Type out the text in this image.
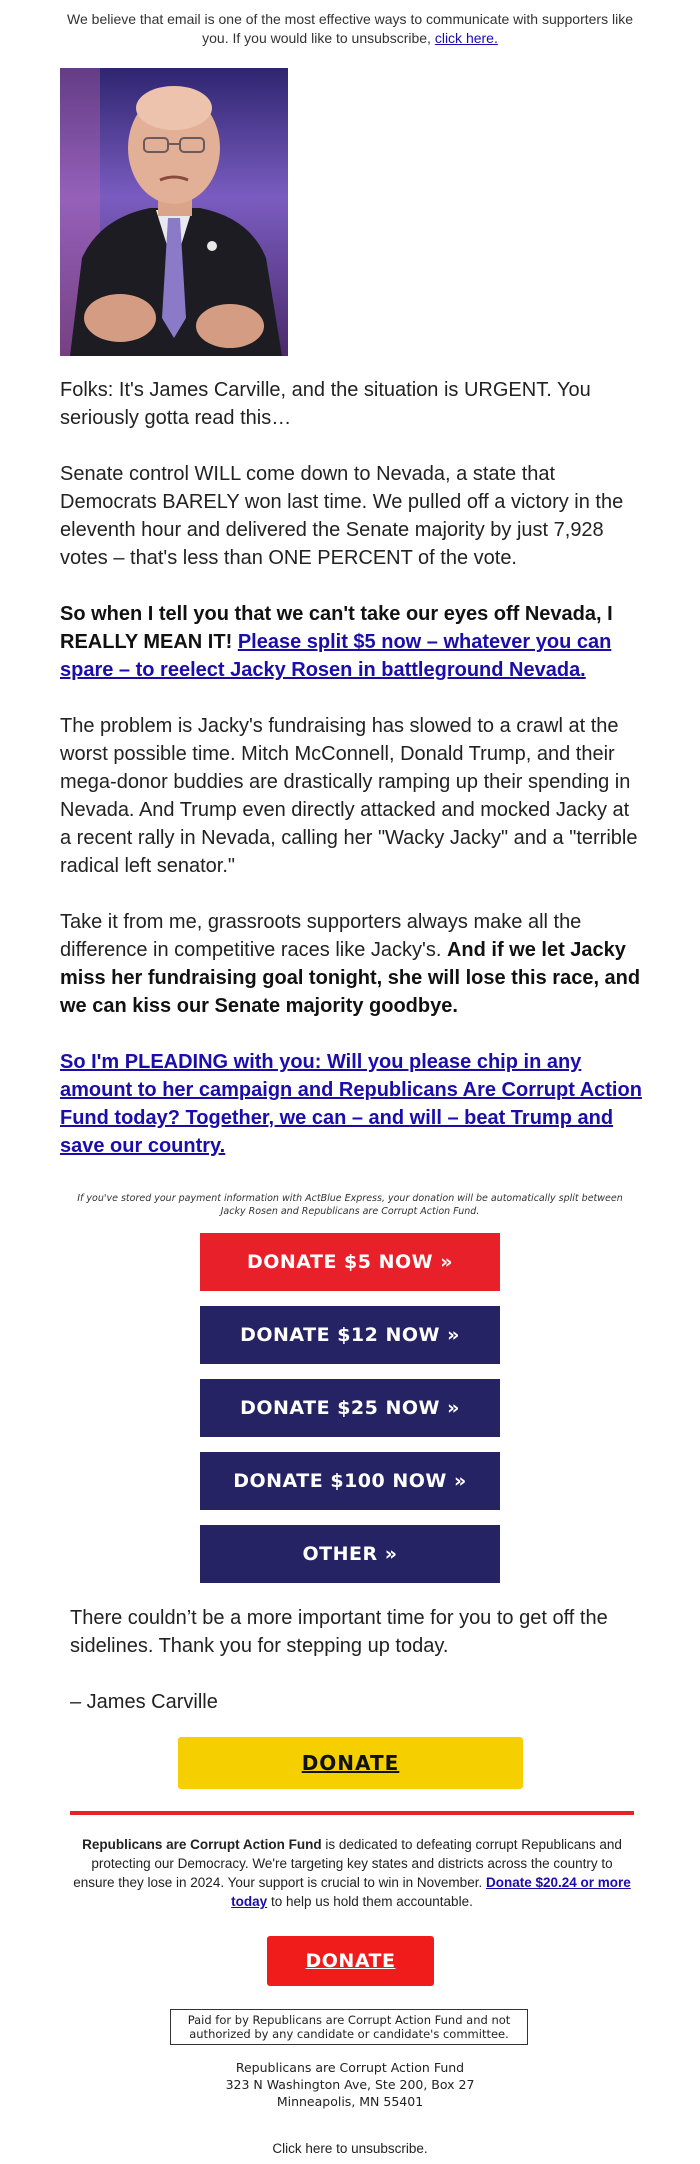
We believe that email is one of the most effective ways to communicate with supporters like you. If you would like to unsubscribe, click here.
Folks: It's James Carville, and the situation is URGENT. You seriously gotta read this…
Senate control WILL come down to Nevada, a state that Democrats BARELY won last time. We pulled off a victory in the eleventh hour and delivered the Senate majority by just 7,928 votes – that's less than ONE PERCENT of the vote.
So when I tell you that we can't take our eyes off Nevada, I REALLY MEAN IT! Please split $5 now – whatever you can spare – to reelect Jacky Rosen in battleground Nevada.
The problem is Jacky's fundraising has slowed to a crawl at the worst possible time. Mitch McConnell, Donald Trump, and their mega-donor buddies are drastically ramping up their spending in Nevada. And Trump even directly attacked and mocked Jacky at a recent rally in Nevada, calling her "Wacky Jacky" and a "terrible radical left senator."
Take it from me, grassroots supporters always make all the difference in competitive races like Jacky's. And if we let Jacky miss her fundraising goal tonight, she will lose this race, and we can kiss our Senate majority goodbye.
So I'm PLEADING with you: Will you please chip in any amount to her campaign and Republicans Are Corrupt Action Fund today? Together, we can – and will – beat Trump and save our country.
If you've stored your payment information with ActBlue Express, your donation will be automatically split between Jacky Rosen and Republicans are Corrupt Action Fund.
DONATE $5 NOW »
DONATE $12 NOW »
DONATE $25 NOW »
DONATE $100 NOW »
OTHER »
There couldn’t be a more important time for you to get off the sidelines. Thank you for stepping up today.
– James Carville
DONATE
Republicans are Corrupt Action Fund is dedicated to defeating corrupt Republicans and protecting our Democracy. We're targeting key states and districts across the country to ensure they lose in 2024. Your support is crucial to win in November. Donate $20.24 or more today to help us hold them accountable.
DONATE
Paid for by Republicans are Corrupt Action Fund and not authorized by any candidate or candidate's committee.
Republicans are Corrupt Action Fund
323 N Washington Ave, Ste 200, Box 27
Minneapolis, MN 55401
Click here to unsubscribe.
